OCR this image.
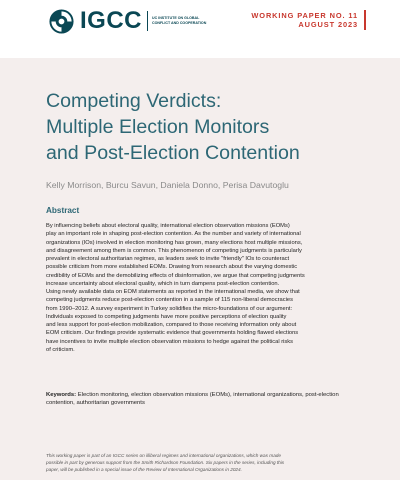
IGCC	UC INSTITUTE ON GLOBAL CONFLICT AND COOPERATION
WORKING PAPER NO. 11
AUGUST 2023
Competing Verdicts:
Multiple Election Monitors
and Post-Election Contention
Kelly Morrison, Burcu Savun, Daniela Donno, Perisa Davutoglu
Abstract
By influencing beliefs about electoral quality, international election observation missions (EOMs)
play an important role in shaping post-election contention. As the number and variety of international
organizations (IOs) involved in election monitoring has grown, many elections host multiple missions,
and disagreement among them is common. This phenomenon of competing judgments is particularly
prevalent in electoral authoritarian regimes, as leaders seek to invite "friendly" IOs to counteract
possible criticism from more established EOMs. Drawing from research about the varying domestic
credibility of EOMs and the demobilizing effects of disinformation, we argue that competing judgments
increase uncertainty about electoral quality, which in turn dampens post-election contention.
Using newly available data on EOM statements as reported in the international media, we show that
competing judgments reduce post-election contention in a sample of 115 non-liberal democracies
from 1990–2012. A survey experiment in Turkey solidifies the micro-foundations of our argument:
Individuals exposed to competing judgments have more positive perceptions of election quality
and less support for post-election mobilization, compared to those receiving information only about
EOM criticism. Our findings provide systematic evidence that governments holding flawed elections
have incentives to invite multiple election observation missions to hedge against the political risks
of criticism.
Keywords: Election monitoring, election observation missions (EOMs), international organizations, post-election contention, authoritarian governments
This working paper is part of an IGCC series on illiberal regimes and international organizations, which was made
possible in part by generous support from the Smith Richardson Foundation. Six papers in the series, including this
paper, will be published in a special issue of the Review of International Organizations in 2024.
